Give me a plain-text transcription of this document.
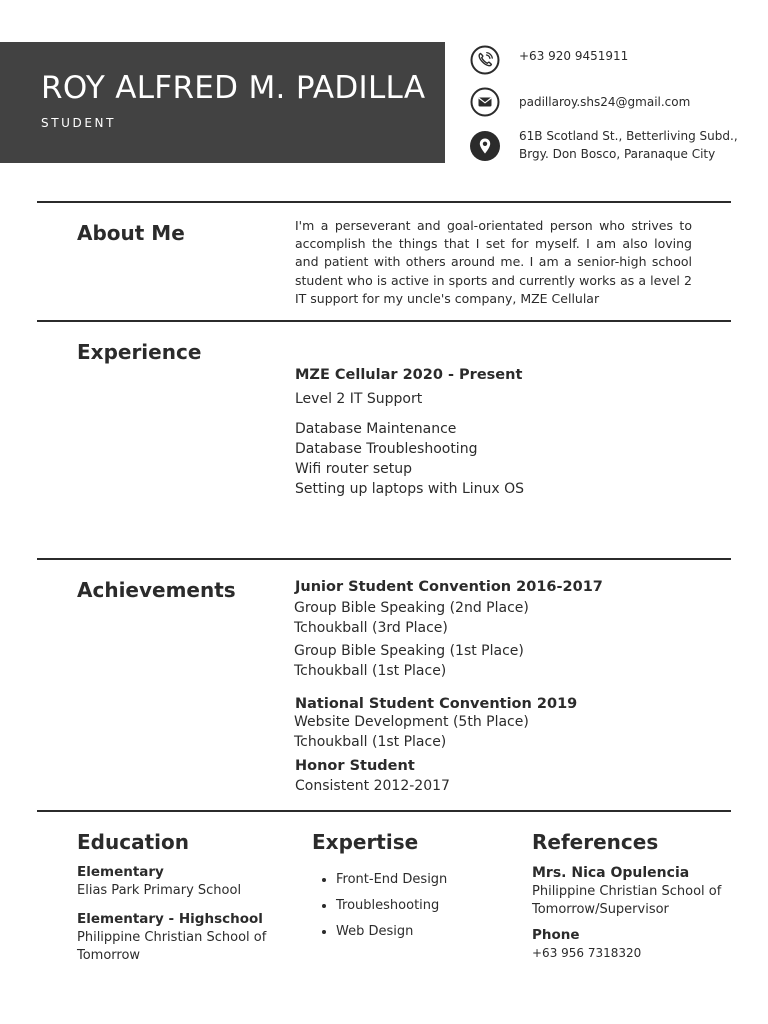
ROY ALFRED M. PADILLA
STUDENT
+63 920 9451911
padillaroy.shs24@gmail.com
61B Scotland St., Betterliving Subd.,
Brgy. Don Bosco, Paranaque City
About Me	I'm a perseverant and goal-orientated person who strives to accomplish the things that I set for myself. I am also loving and patient with others around me. I am a senior-high school student who is active in sports and currently works as a level 2 IT support for my uncle's company, MZE Cellular
Experience
MZE Cellular 2020 - Present
Level 2 IT Support
Database Maintenance
Database Troubleshooting
Wifi router setup
Setting up laptops with Linux OS
Achievements	Junior Student Convention 2016-2017
Group Bible Speaking (2nd Place)
Tchoukball (3rd Place)
Group Bible Speaking (1st Place)
Tchoukball (1st Place)
National Student Convention 2019
Website Development (5th Place)
Tchoukball (1st Place)
Honor Student
Consistent 2012-2017
Education
Elementary
Elias Park Primary School
Elementary - Highschool
Philippine Christian School of
Tomorrow
Expertise
• Front-End Design
• Troubleshooting
• Web Design
References
Mrs. Nica Opulencia
Philippine Christian School of
Tomorrow/Supervisor
Phone
+63 956 7318320
